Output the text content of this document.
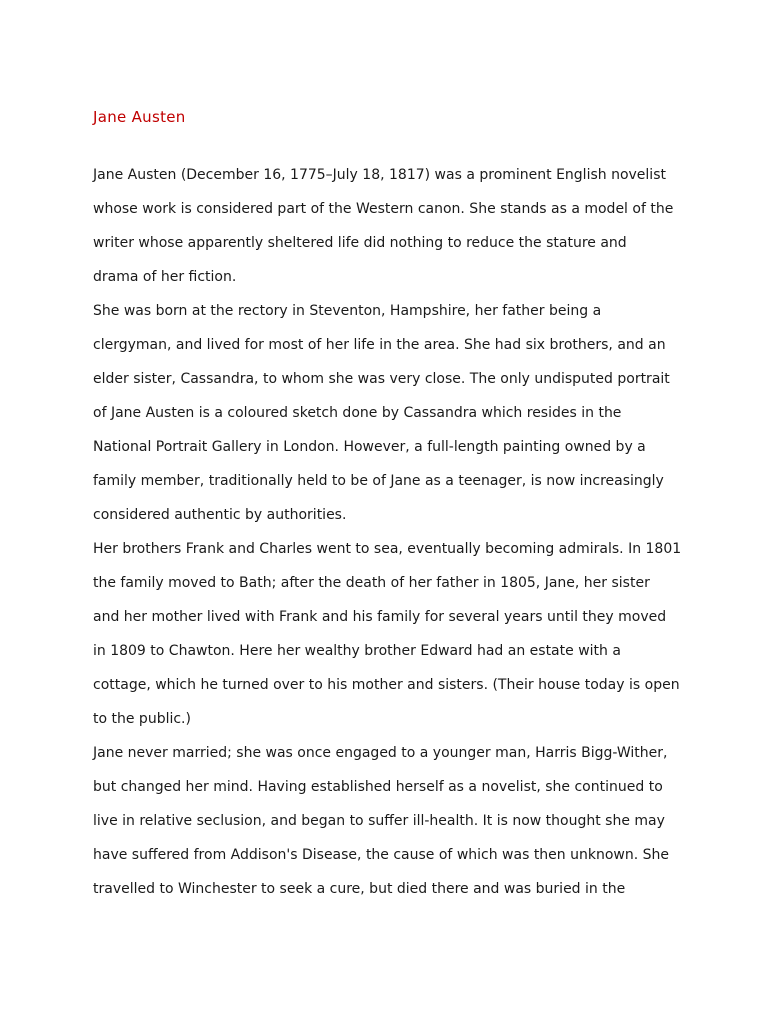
Jane Austen
Jane Austen (December 16, 1775–July 18, 1817) was a prominent English novelist
whose work is considered part of the Western canon. She stands as a model of the
writer whose apparently sheltered life did nothing to reduce the stature and
drama of her fiction.
She was born at the rectory in Steventon, Hampshire, her father being a
clergyman, and lived for most of her life in the area. She had six brothers, and an
elder sister, Cassandra, to whom she was very close. The only undisputed portrait
of Jane Austen is a coloured sketch done by Cassandra which resides in the
National Portrait Gallery in London. However, a full-length painting owned by a
family member, traditionally held to be of Jane as a teenager, is now increasingly
considered authentic by authorities.
Her brothers Frank and Charles went to sea, eventually becoming admirals. In 1801
the family moved to Bath; after the death of her father in 1805, Jane, her sister
and her mother lived with Frank and his family for several years until they moved
in 1809 to Chawton. Here her wealthy brother Edward had an estate with a
cottage, which he turned over to his mother and sisters. (Their house today is open
to the public.)
Jane never married; she was once engaged to a younger man, Harris Bigg-Wither,
but changed her mind. Having established herself as a novelist, she continued to
live in relative seclusion, and began to suffer ill-health. It is now thought she may
have suffered from Addison's Disease, the cause of which was then unknown. She
travelled to Winchester to seek a cure, but died there and was buried in the
